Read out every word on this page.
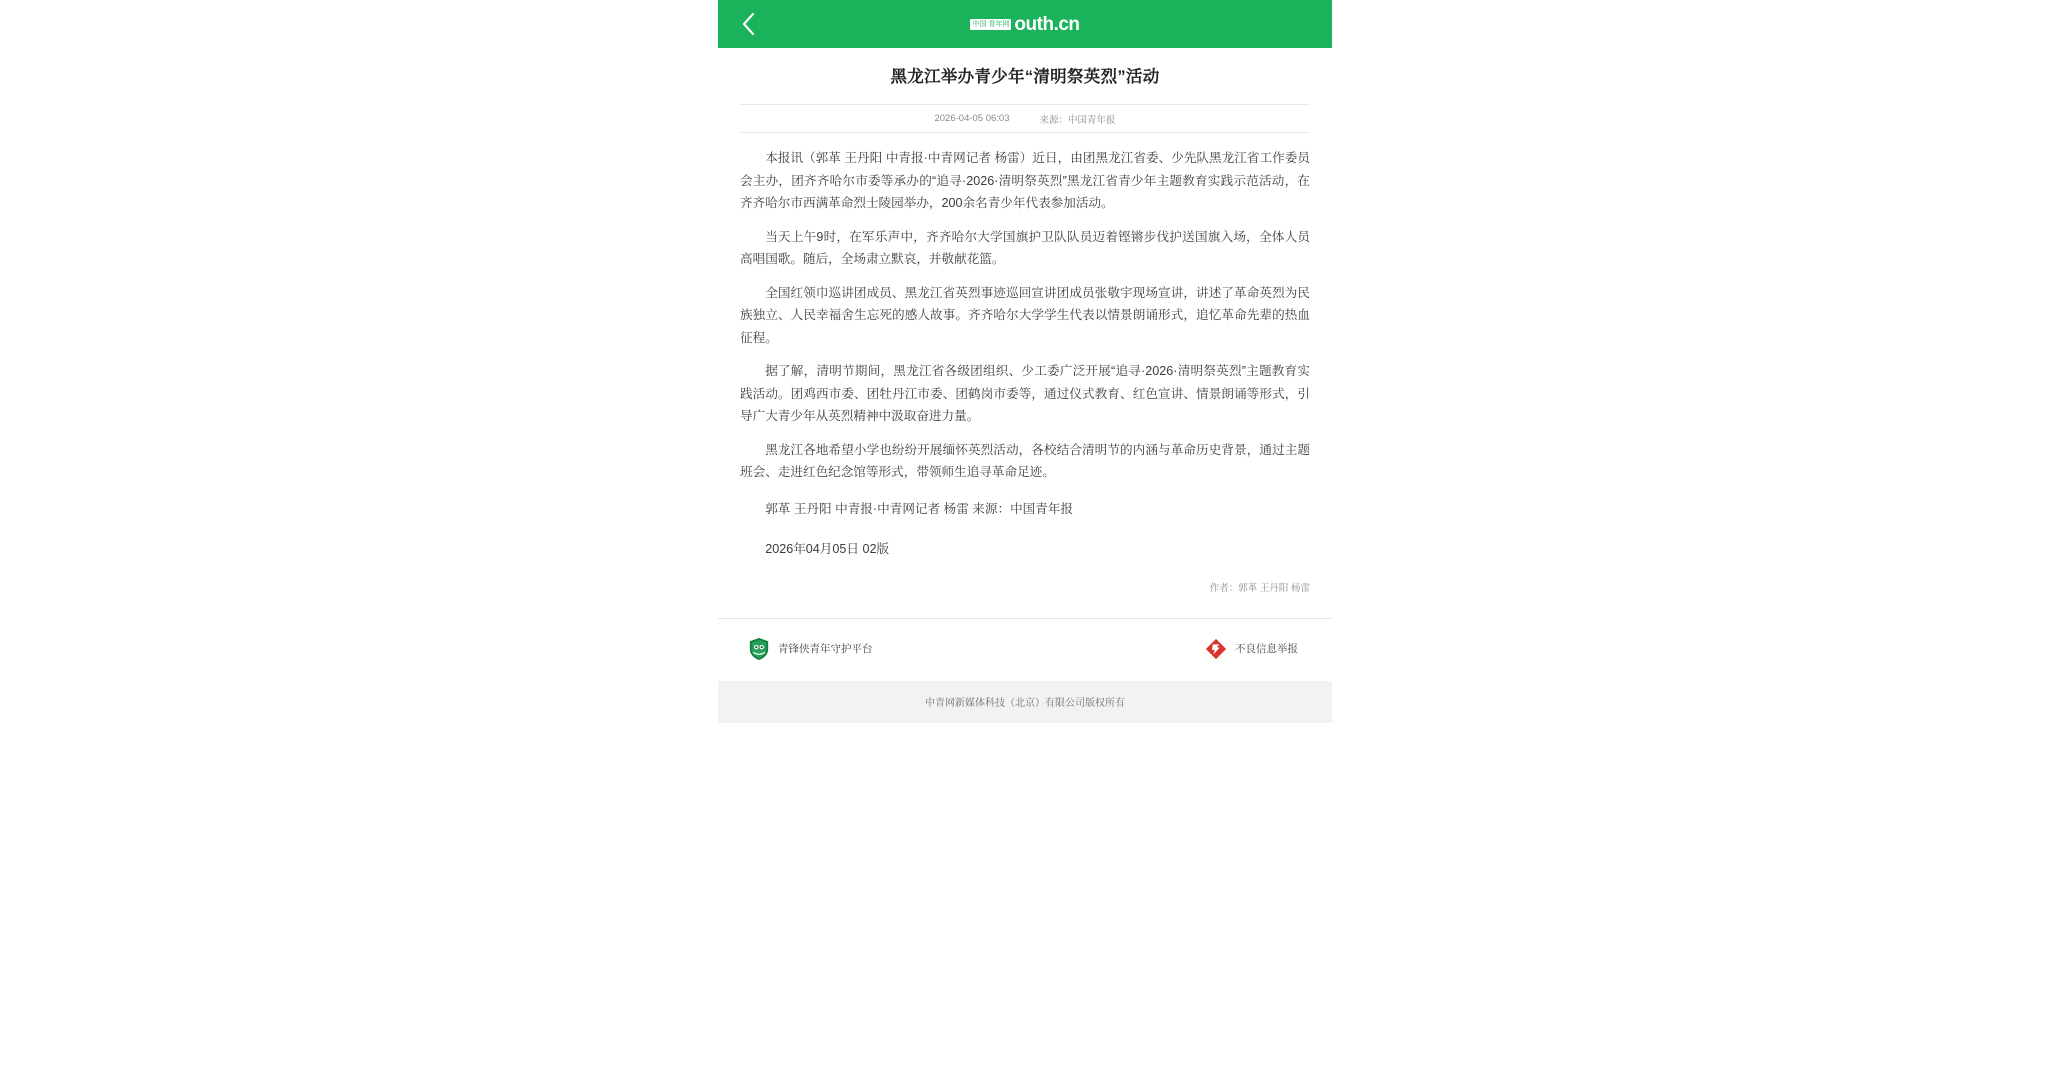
中国 青年网 outh.cn
黑龙江举办青少年“清明祭英烈”活动
2026-04-05 06:03	来源：中国青年报

本报讯（郭革 王丹阳 中青报·中青网记者 杨雷）近日，由团黑龙江省委、少先队黑龙江省工作委员会主办，团齐齐哈尔市委等承办的“追寻·2026·清明祭英烈”黑龙江省青少年主题教育实践示范活动，在齐齐哈尔市西满革命烈士陵园举办，200余名青少年代表参加活动。

当天上午9时，在军乐声中，齐齐哈尔大学国旗护卫队队员迈着铿锵步伐护送国旗入场，全体人员高唱国歌。随后，全场肃立默哀，并敬献花篮。

全国红领巾巡讲团成员、黑龙江省英烈事迹巡回宣讲团成员张敬宇现场宣讲，讲述了革命英烈为民族独立、人民幸福舍生忘死的感人故事。齐齐哈尔大学学生代表以情景朗诵形式，追忆革命先辈的热血征程。

据了解，清明节期间，黑龙江省各级团组织、少工委广泛开展“追寻·2026·清明祭英烈”主题教育实践活动。团鸡西市委、团牡丹江市委、团鹤岗市委等，通过仪式教育、红色宣讲、情景朗诵等形式，引导广大青少年从英烈精神中汲取奋进力量。

黑龙江各地希望小学也纷纷开展缅怀英烈活动，各校结合清明节的内涵与革命历史背景，通过主题班会、走进红色纪念馆等形式，带领师生追寻革命足迹。

郭革 王丹阳 中青报·中青网记者 杨雷 来源：中国青年报
2026年04月05日 02版
作者：郭革 王丹阳 杨雷
青锋侠青年守护平台	不良信息举报
中青网新媒体科技（北京）有限公司版权所有
